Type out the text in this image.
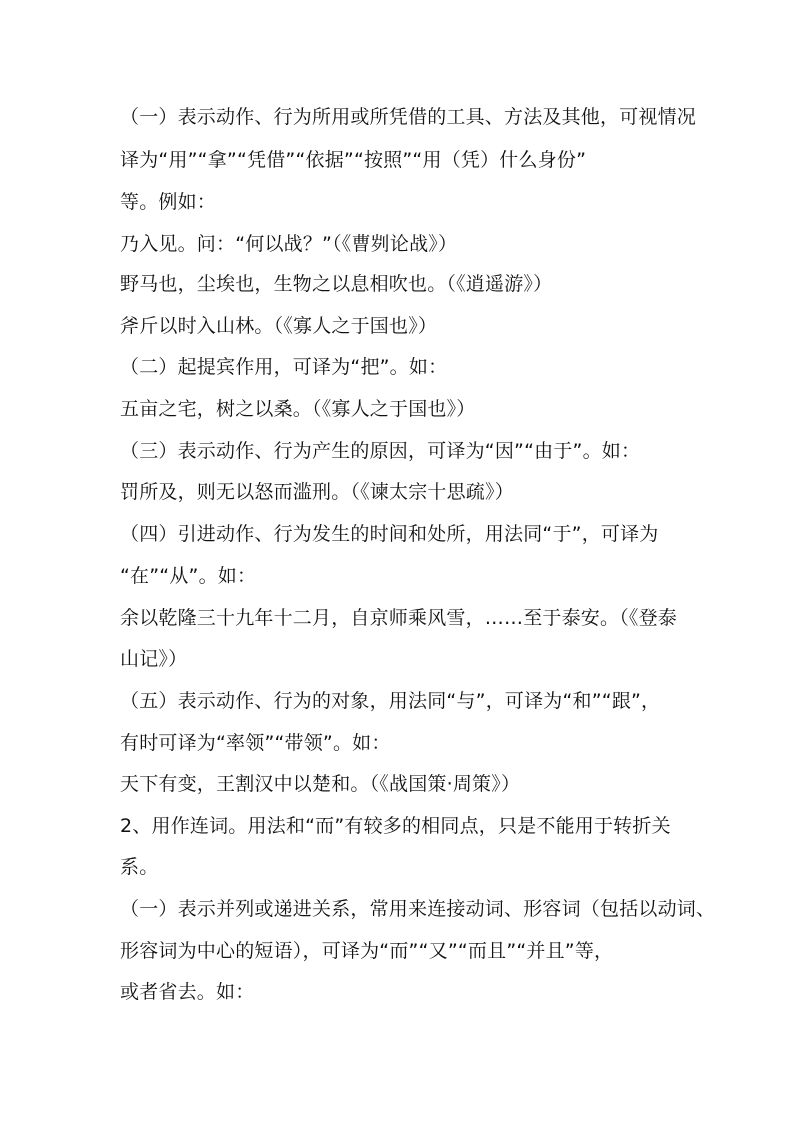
（一）表示动作、行为所用或所凭借的工具、方法及其他，可视情况
译为“用”“拿”“凭借”“依据”“按照”“用（凭）什么身份”
等。例如：
乃入见。问：“何以战？”（《曹刿论战》）
野马也，尘埃也，生物之以息相吹也。（《逍遥游》）
斧斤以时入山林。（《寡人之于国也》）
（二）起提宾作用，可译为“把”。如：
五亩之宅，树之以桑。（《寡人之于国也》）
（三）表示动作、行为产生的原因，可译为“因”“由于”。如：
罚所及，则无以怒而滥刑。（《谏太宗十思疏》）
（四）引进动作、行为发生的时间和处所，用法同“于”，可译为
“在”“从”。如：
余以乾隆三十九年十二月，自京师乘风雪，……至于泰安。（《登泰
山记》）
（五）表示动作、行为的对象，用法同“与”，可译为“和”“跟”，
有时可译为“率领”“带领”。如：
天下有变，王割汉中以楚和。（《战国策·周策》）
2、用作连词。用法和“而”有较多的相同点，只是不能用于转折关
系。
（一）表示并列或递进关系，常用来连接动词、形容词（包括以动词、
形容词为中心的短语），可译为“而”“又”“而且”“并且”等，
或者省去。如：
